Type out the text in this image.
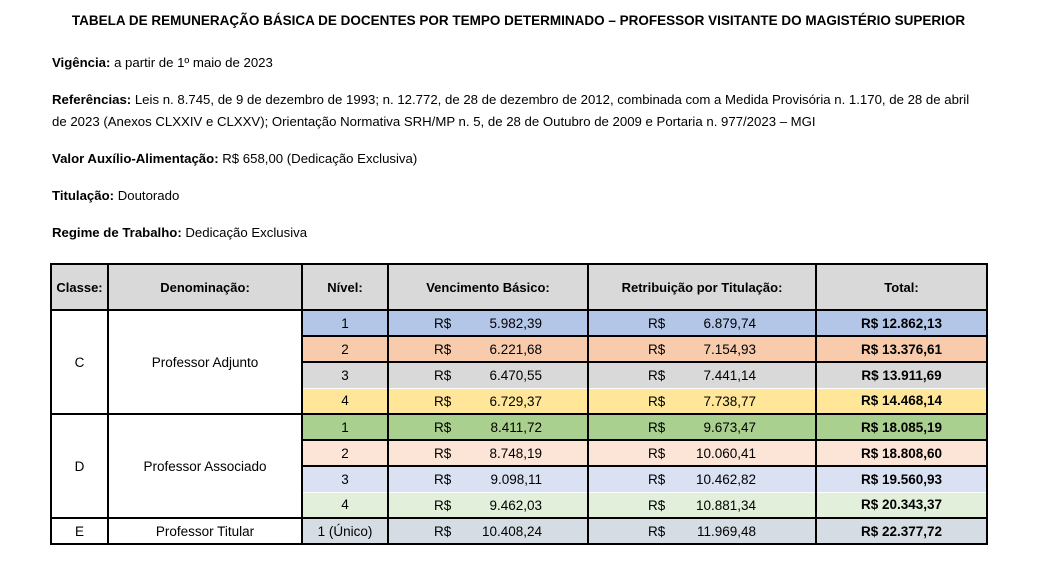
TABELA DE REMUNERAÇÃO BÁSICA DE DOCENTES POR TEMPO DETERMINADO – PROFESSOR VISITANTE DO MAGISTÉRIO SUPERIOR

Vigência: a partir de 1º maio de 2023

Referências: Leis n. 8.745, de 9 de dezembro de 1993; n. 12.772, de 28 de dezembro de 2012, combinada com a Medida Provisória n. 1.170, de 28 de abril de 2023 (Anexos CLXXIV e CLXXV); Orientação Normativa SRH/MP n. 5, de 28 de Outubro de 2009 e Portaria n. 977/2023 – MGI

Valor Auxílio-Alimentação: R$ 658,00 (Dedicação Exclusiva)

Titulação: Doutorado

Regime de Trabalho: Dedicação Exclusiva

Classe:	Denominação:	Nível:	Vencimento Básico:	Retribuição por Titulação:	Total:
C	Professor Adjunto	1	R$ 5.982,39	R$ 6.879,74	R$ 12.862,13
		2	R$ 6.221,68	R$ 7.154,93	R$ 13.376,61
		3	R$ 6.470,55	R$ 7.441,14	R$ 13.911,69
		4	R$ 6.729,37	R$ 7.738,77	R$ 14.468,14
D	Professor Associado	1	R$ 8.411,72	R$ 9.673,47	R$ 18.085,19
		2	R$ 8.748,19	R$ 10.060,41	R$ 18.808,60
		3	R$ 9.098,11	R$ 10.462,82	R$ 19.560,93
		4	R$ 9.462,03	R$ 10.881,34	R$ 20.343,37
E	Professor Titular	1 (Único)	R$ 10.408,24	R$ 11.969,48	R$ 22.377,72
